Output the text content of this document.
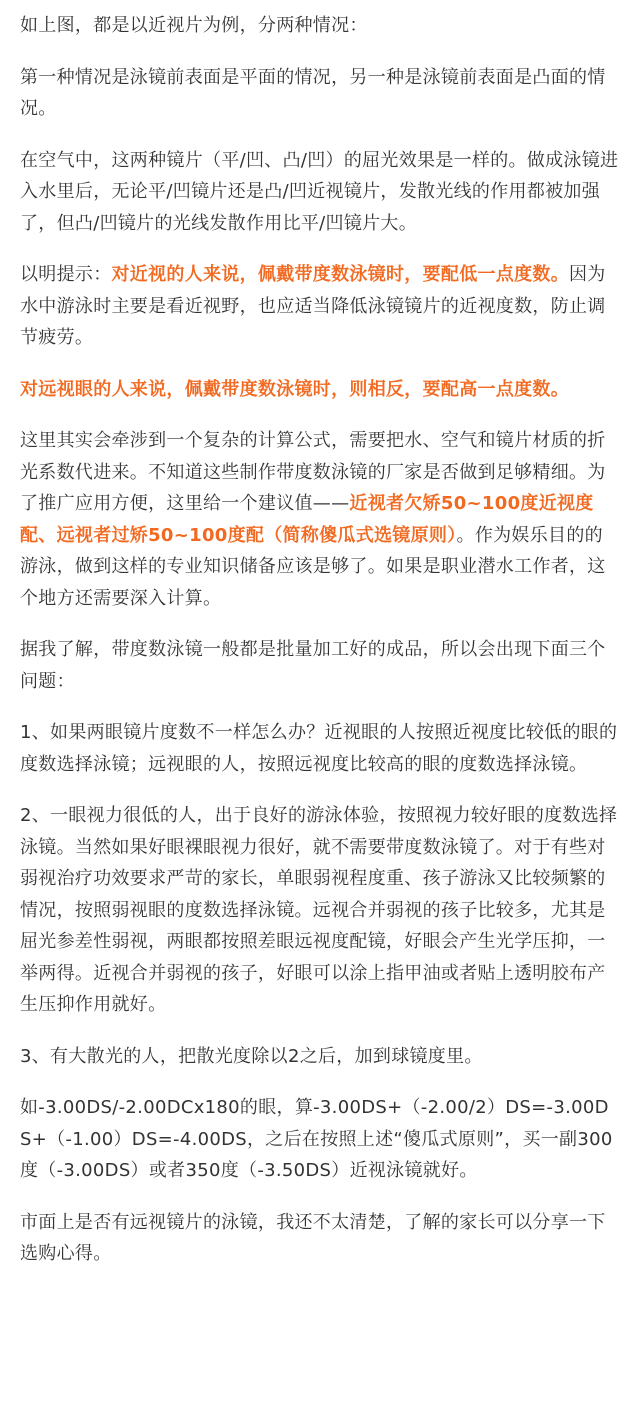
如上图，都是以近视片为例，分两种情况：

第一种情况是泳镜前表面是平面的情况，另一种是泳镜前表面是凸面的情况。

在空气中，这两种镜片（平/凹、凸/凹）的屈光效果是一样的。做成泳镜进入水里后，无论平/凹镜片还是凸/凹近视镜片，发散光线的作用都被加强了，但凸/凹镜片的光线发散作用比平/凹镜片大。

以明提示：对近视的人来说，佩戴带度数泳镜时，要配低一点度数。因为水中游泳时主要是看近视野，也应适当降低泳镜镜片的近视度数，防止调节疲劳。

对远视眼的人来说，佩戴带度数泳镜时，则相反，要配高一点度数。

这里其实会牵涉到一个复杂的计算公式，需要把水、空气和镜片材质的折光系数代进来。不知道这些制作带度数泳镜的厂家是否做到足够精细。为了推广应用方便，这里给一个建议值——近视者欠矫50~100度近视度配、远视者过矫50~100度配（简称傻瓜式选镜原则）。作为娱乐目的的游泳，做到这样的专业知识储备应该是够了。如果是职业潜水工作者，这个地方还需要深入计算。

据我了解，带度数泳镜一般都是批量加工好的成品，所以会出现下面三个问题：

1、如果两眼镜片度数不一样怎么办？近视眼的人按照近视度比较低的眼的度数选择泳镜；远视眼的人，按照远视度比较高的眼的度数选择泳镜。

2、一眼视力很低的人，出于良好的游泳体验，按照视力较好眼的度数选择泳镜。当然如果好眼裸眼视力很好，就不需要带度数泳镜了。对于有些对弱视治疗功效要求严苛的家长，单眼弱视程度重、孩子游泳又比较频繁的情况，按照弱视眼的度数选择泳镜。远视合并弱视的孩子比较多，尤其是屈光参差性弱视，两眼都按照差眼远视度配镜，好眼会产生光学压抑，一举两得。近视合并弱视的孩子，好眼可以涂上指甲油或者贴上透明胶布产生压抑作用就好。

3、有大散光的人，把散光度除以2之后，加到球镜度里。

如-3.00DS/-2.00DCx180的眼，算-3.00DS+（-2.00/2）DS=-3.00DS+（-1.00）DS=-4.00DS，之后在按照上述“傻瓜式原则”，买一副300度（-3.00DS）或者350度（-3.50DS）近视泳镜就好。

市面上是否有远视镜片的泳镜，我还不太清楚，了解的家长可以分享一下选购心得。
